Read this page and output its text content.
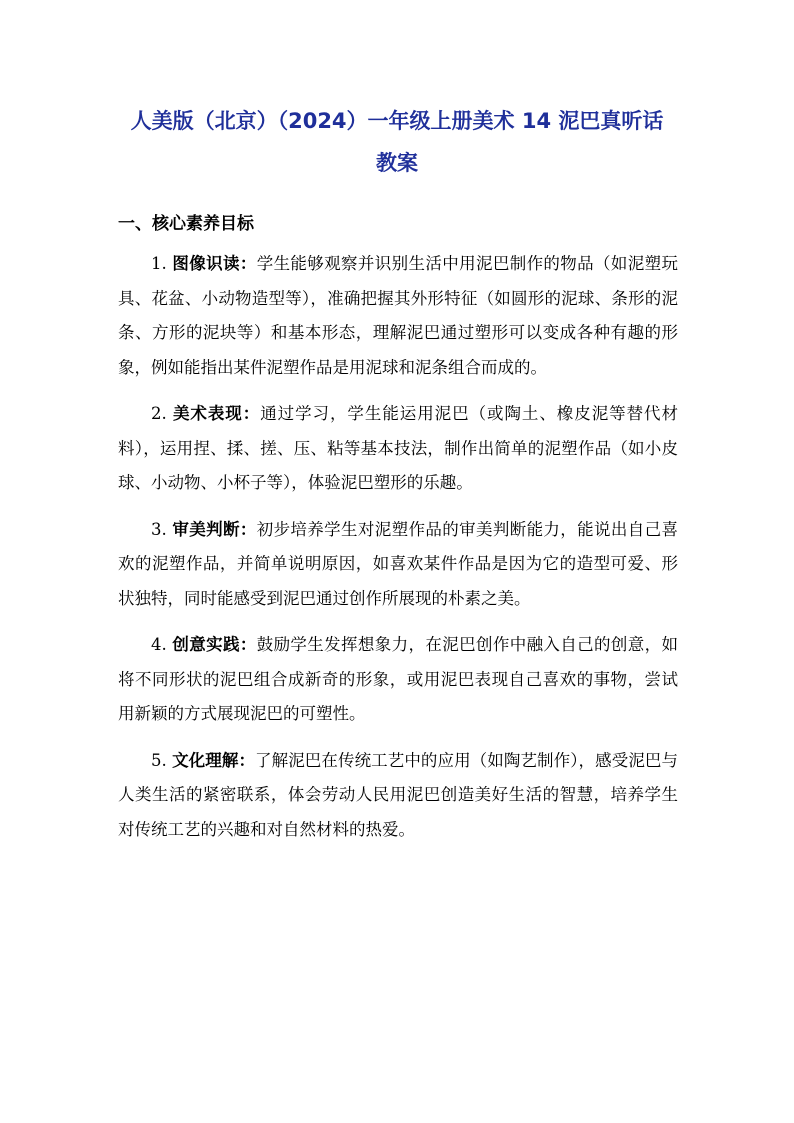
人美版（北京）（2024）一年级上册美术 14 泥巴真听话
教案
一、核心素养目标

1. 图像识读：学生能够观察并识别生活中用泥巴制作的物品（如泥塑玩具、花盆、小动物造型等），准确把握其外形特征（如圆形的泥球、条形的泥条、方形的泥块等）和基本形态，理解泥巴通过塑形可以变成各种有趣的形象，例如能指出某件泥塑作品是用泥球和泥条组合而成的。

2. 美术表现：通过学习，学生能运用泥巴（或陶土、橡皮泥等替代材料），运用捏、揉、搓、压、粘等基本技法，制作出简单的泥塑作品（如小皮球、小动物、小杯子等），体验泥巴塑形的乐趣。

3. 审美判断：初步培养学生对泥塑作品的审美判断能力，能说出自己喜欢的泥塑作品，并简单说明原因，如喜欢某件作品是因为它的造型可爱、形状独特，同时能感受到泥巴通过创作所展现的朴素之美。

4. 创意实践：鼓励学生发挥想象力，在泥巴创作中融入自己的创意，如将不同形状的泥巴组合成新奇的形象，或用泥巴表现自己喜欢的事物，尝试用新颖的方式展现泥巴的可塑性。

5. 文化理解：了解泥巴在传统工艺中的应用（如陶艺制作），感受泥巴与人类生活的紧密联系，体会劳动人民用泥巴创造美好生活的智慧，培养学生对传统工艺的兴趣和对自然材料的热爱。
